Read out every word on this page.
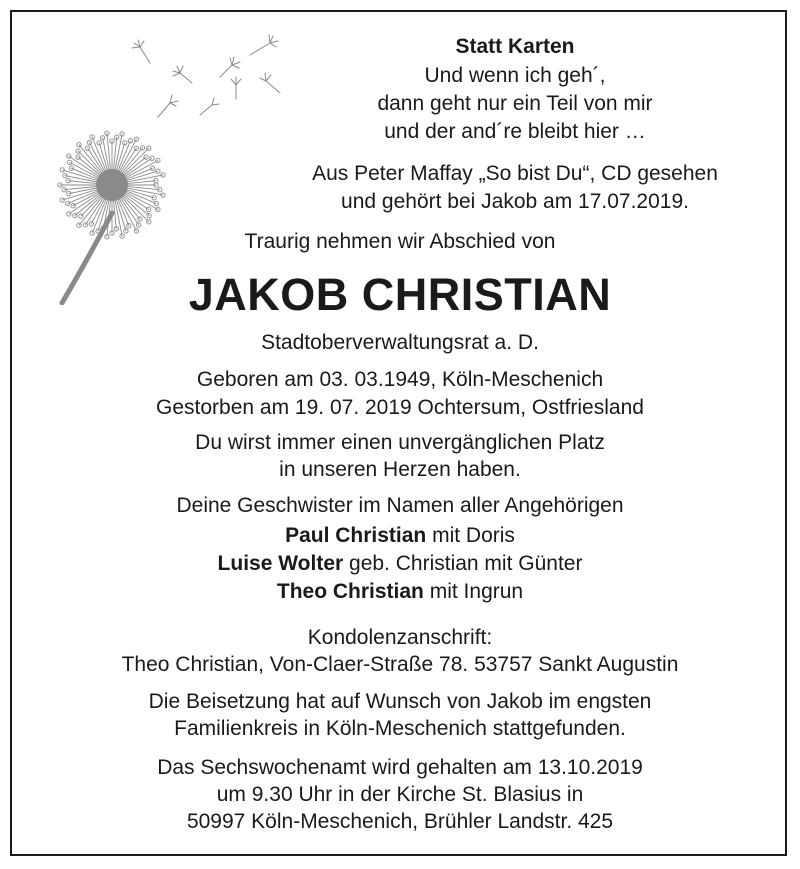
Statt Karten
Und wenn ich geh´,
dann geht nur ein Teil von mir
und der and´re bleibt hier …
Aus Peter Maffay „So bist Du“, CD gesehen
und gehört bei Jakob am 17.07.2019.
Traurig nehmen wir Abschied von
JAKOB CHRISTIAN
Stadtoberverwaltungsrat a. D.
Geboren am 03. 03.1949, Köln-Meschenich
Gestorben am 19. 07. 2019 Ochtersum, Ostfriesland
Du wirst immer einen unvergänglichen Platz
in unseren Herzen haben.
Deine Geschwister im Namen aller Angehörigen
Paul Christian mit Doris
Luise Wolter geb. Christian mit Günter
Theo Christian mit Ingrun
Kondolenzanschrift:
Theo Christian, Von-Claer-Straße 78. 53757 Sankt Augustin
Die Beisetzung hat auf Wunsch von Jakob im engsten
Familienkreis in Köln-Meschenich stattgefunden.
Das Sechswochenamt wird gehalten am 13.10.2019
um 9.30 Uhr in der Kirche St. Blasius in
50997 Köln-Meschenich, Brühler Landstr. 425
